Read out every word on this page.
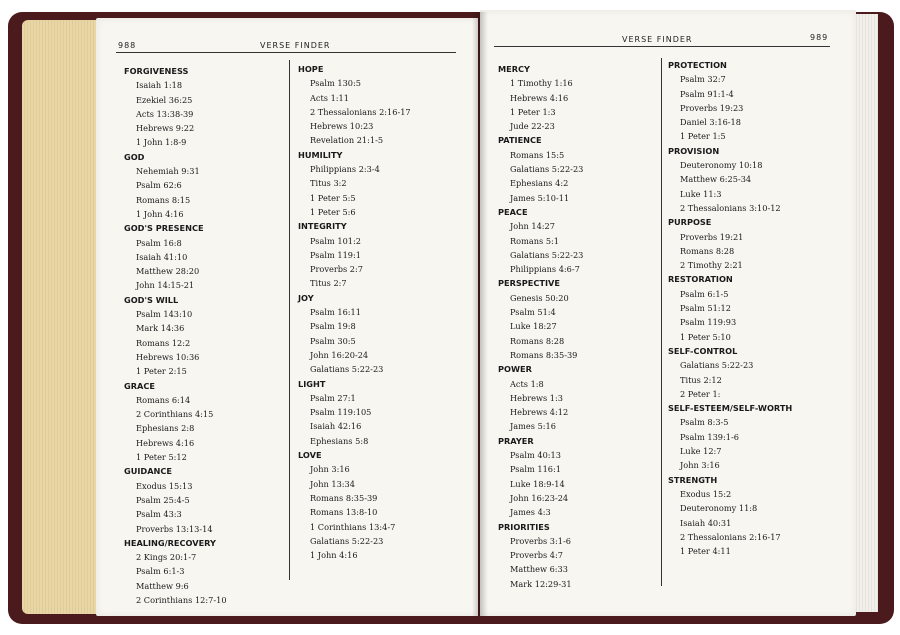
988	VERSE FINDER
VERSE FINDER	989
FORGIVENESS
Isaiah 1:18
Ezekiel 36:25
Acts 13:38-39
Hebrews 9:22
1 John 1:8-9
GOD
Nehemiah 9:31
Psalm 62:6
Romans 8:15
1 John 4:16
GOD'S PRESENCE
Psalm 16:8
Isaiah 41:10
Matthew 28:20
John 14:15-21
GOD'S WILL
Psalm 143:10
Mark 14:36
Romans 12:2
Hebrews 10:36
1 Peter 2:15
GRACE
Romans 6:14
2 Corinthians 4:15
Ephesians 2:8
Hebrews 4:16
1 Peter 5:12
GUIDANCE
Exodus 15:13
Psalm 25:4-5
Psalm 43:3
Proverbs 13:13-14
HEALING/RECOVERY
2 Kings 20:1-7
Psalm 6:1-3
Matthew 9:6
2 Corinthians 12:7-10
HOPE
Psalm 130:5
Acts 1:11
2 Thessalonians 2:16-17
Hebrews 10:23
Revelation 21:1-5
HUMILITY
Philippians 2:3-4
Titus 3:2
1 Peter 5:5
1 Peter 5:6
INTEGRITY
Psalm 101:2
Psalm 119:1
Proverbs 2:7
Titus 2:7
JOY
Psalm 16:11
Psalm 19:8
Psalm 30:5
John 16:20-24
Galatians 5:22-23
LIGHT
Psalm 27:1
Psalm 119:105
Isaiah 42:16
Ephesians 5:8
LOVE
John 3:16
John 13:34
Romans 8:35-39
Romans 13:8-10
1 Corinthians 13:4-7
Galatians 5:22-23
1 John 4:16
MERCY
1 Timothy 1:16
Hebrews 4:16
1 Peter 1:3
Jude 22-23
PATIENCE
Romans 15:5
Galatians 5:22-23
Ephesians 4:2
James 5:10-11
PEACE
John 14:27
Romans 5:1
Galatians 5:22-23
Philippians 4:6-7
PERSPECTIVE
Genesis 50:20
Psalm 51:4
Luke 18:27
Romans 8:28
Romans 8:35-39
POWER
Acts 1:8
Hebrews 1:3
Hebrews 4:12
James 5:16
PRAYER
Psalm 40:13
Psalm 116:1
Luke 18:9-14
John 16:23-24
James 4:3
PRIORITIES
Proverbs 3:1-6
Proverbs 4:7
Matthew 6:33
Mark 12:29-31
PROTECTION
Psalm 32:7
Psalm 91:1-4
Proverbs 19:23
Daniel 3:16-18
1 Peter 1:5
PROVISION
Deuteronomy 10:18
Matthew 6:25-34
Luke 11:3
2 Thessalonians 3:10-12
PURPOSE
Proverbs 19:21
Romans 8:28
2 Timothy 2:21
RESTORATION
Psalm 6:1-5
Psalm 51:12
Psalm 119:93
1 Peter 5:10
SELF-CONTROL
Galatians 5:22-23
Titus 2:12
2 Peter 1:
SELF-ESTEEM/SELF-WORTH
Psalm 8:3-5
Psalm 139:1-6
Luke 12:7
John 3:16
STRENGTH
Exodus 15:2
Deuteronomy 11:8
Isaiah 40:31
2 Thessalonians 2:16-17
1 Peter 4:11
